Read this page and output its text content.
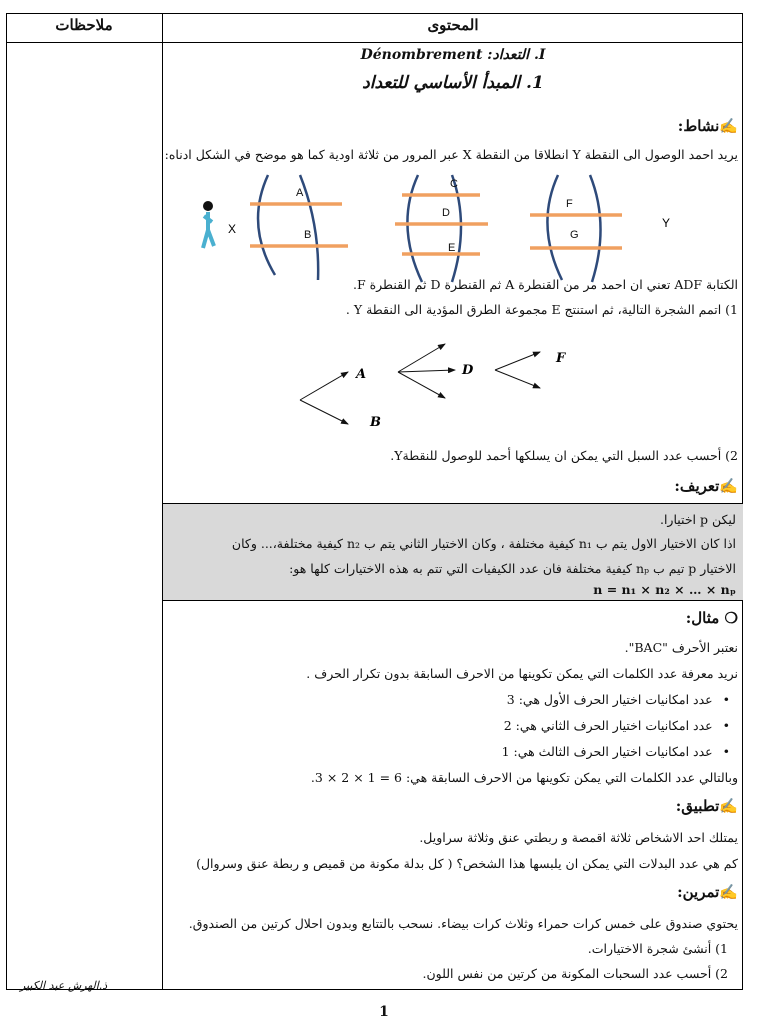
ملاحظات	المحتوى
I. التعداد: Dénombrement
1. المبدأ الأساسي للتعداد
✍نشاط:
يريد احمد الوصول الى النقطة Y انطلاقا من النقطة X عبر المرور من ثلاثة اودية كما هو موضح في الشكل ادناه:
X
A
B
C
D
E
F
G
Y
الكتابة ADF تعني ان احمد مر من القنطرة A ثم القنطرة D ثم القنطرة F.
1) اتمم الشجرة التالية، ثم استنتج E مجموعة الطرق المؤدية الى النقطة Y .
A
B
D
F
2) أحسب عدد السبل التي يمكن ان يسلكها أحمد للوصول للنقطةY.
✍تعريف:
ليكن p اختيارا.
اذا كان الاختيار الاول يتم ب n₁ كيفية مختلفة ، وكان الاختيار الثاني يتم ب n₂ كيفية مختلفة،... وكان
الاختيار p تيم ب nₚ كيفية مختلفة فان عدد الكيفيات التي تتم به هذه الاختيارات كلها هو:
n = n₁ × n₂ × … × nₚ
❍ مثال:
نعتبر الأحرف "BAC".
نريد معرفة عدد الكلمات التي يمكن تكوينها من الاحرف السابقة بدون تكرار الحرف .
• عدد امكانيات اختيار الحرف الأول هي: 3
• عدد امكانيات اختيار الحرف الثاني هي: 2
• عدد امكانيات اختيار الحرف الثالث هي: 1
وبالتالي عدد الكلمات التي يمكن تكوينها من الاحرف السابقة هي: 6 = 1 × 2 × 3.
✍تطبيق:
يمتلك احد الاشخاص ثلاثة اقمصة و ربطتي عنق وثلاثة سراويل.
كم هي عدد البدلات التي يمكن ان يلبسها هذا الشخص؟ ( كل بدلة مكونة من قميص و ربطة عنق وسروال)
✍تمرين:
يحتوي صندوق على خمس كرات حمراء وثلاث كرات بيضاء. نسحب بالتتابع وبدون احلال كرتين من الصندوق.
1) أنشئ شجرة الاختيارات.
2) أحسب عدد السحبات المكونة من كرتين من نفس اللون.
ذ.الهرش عبد الكبير
1
